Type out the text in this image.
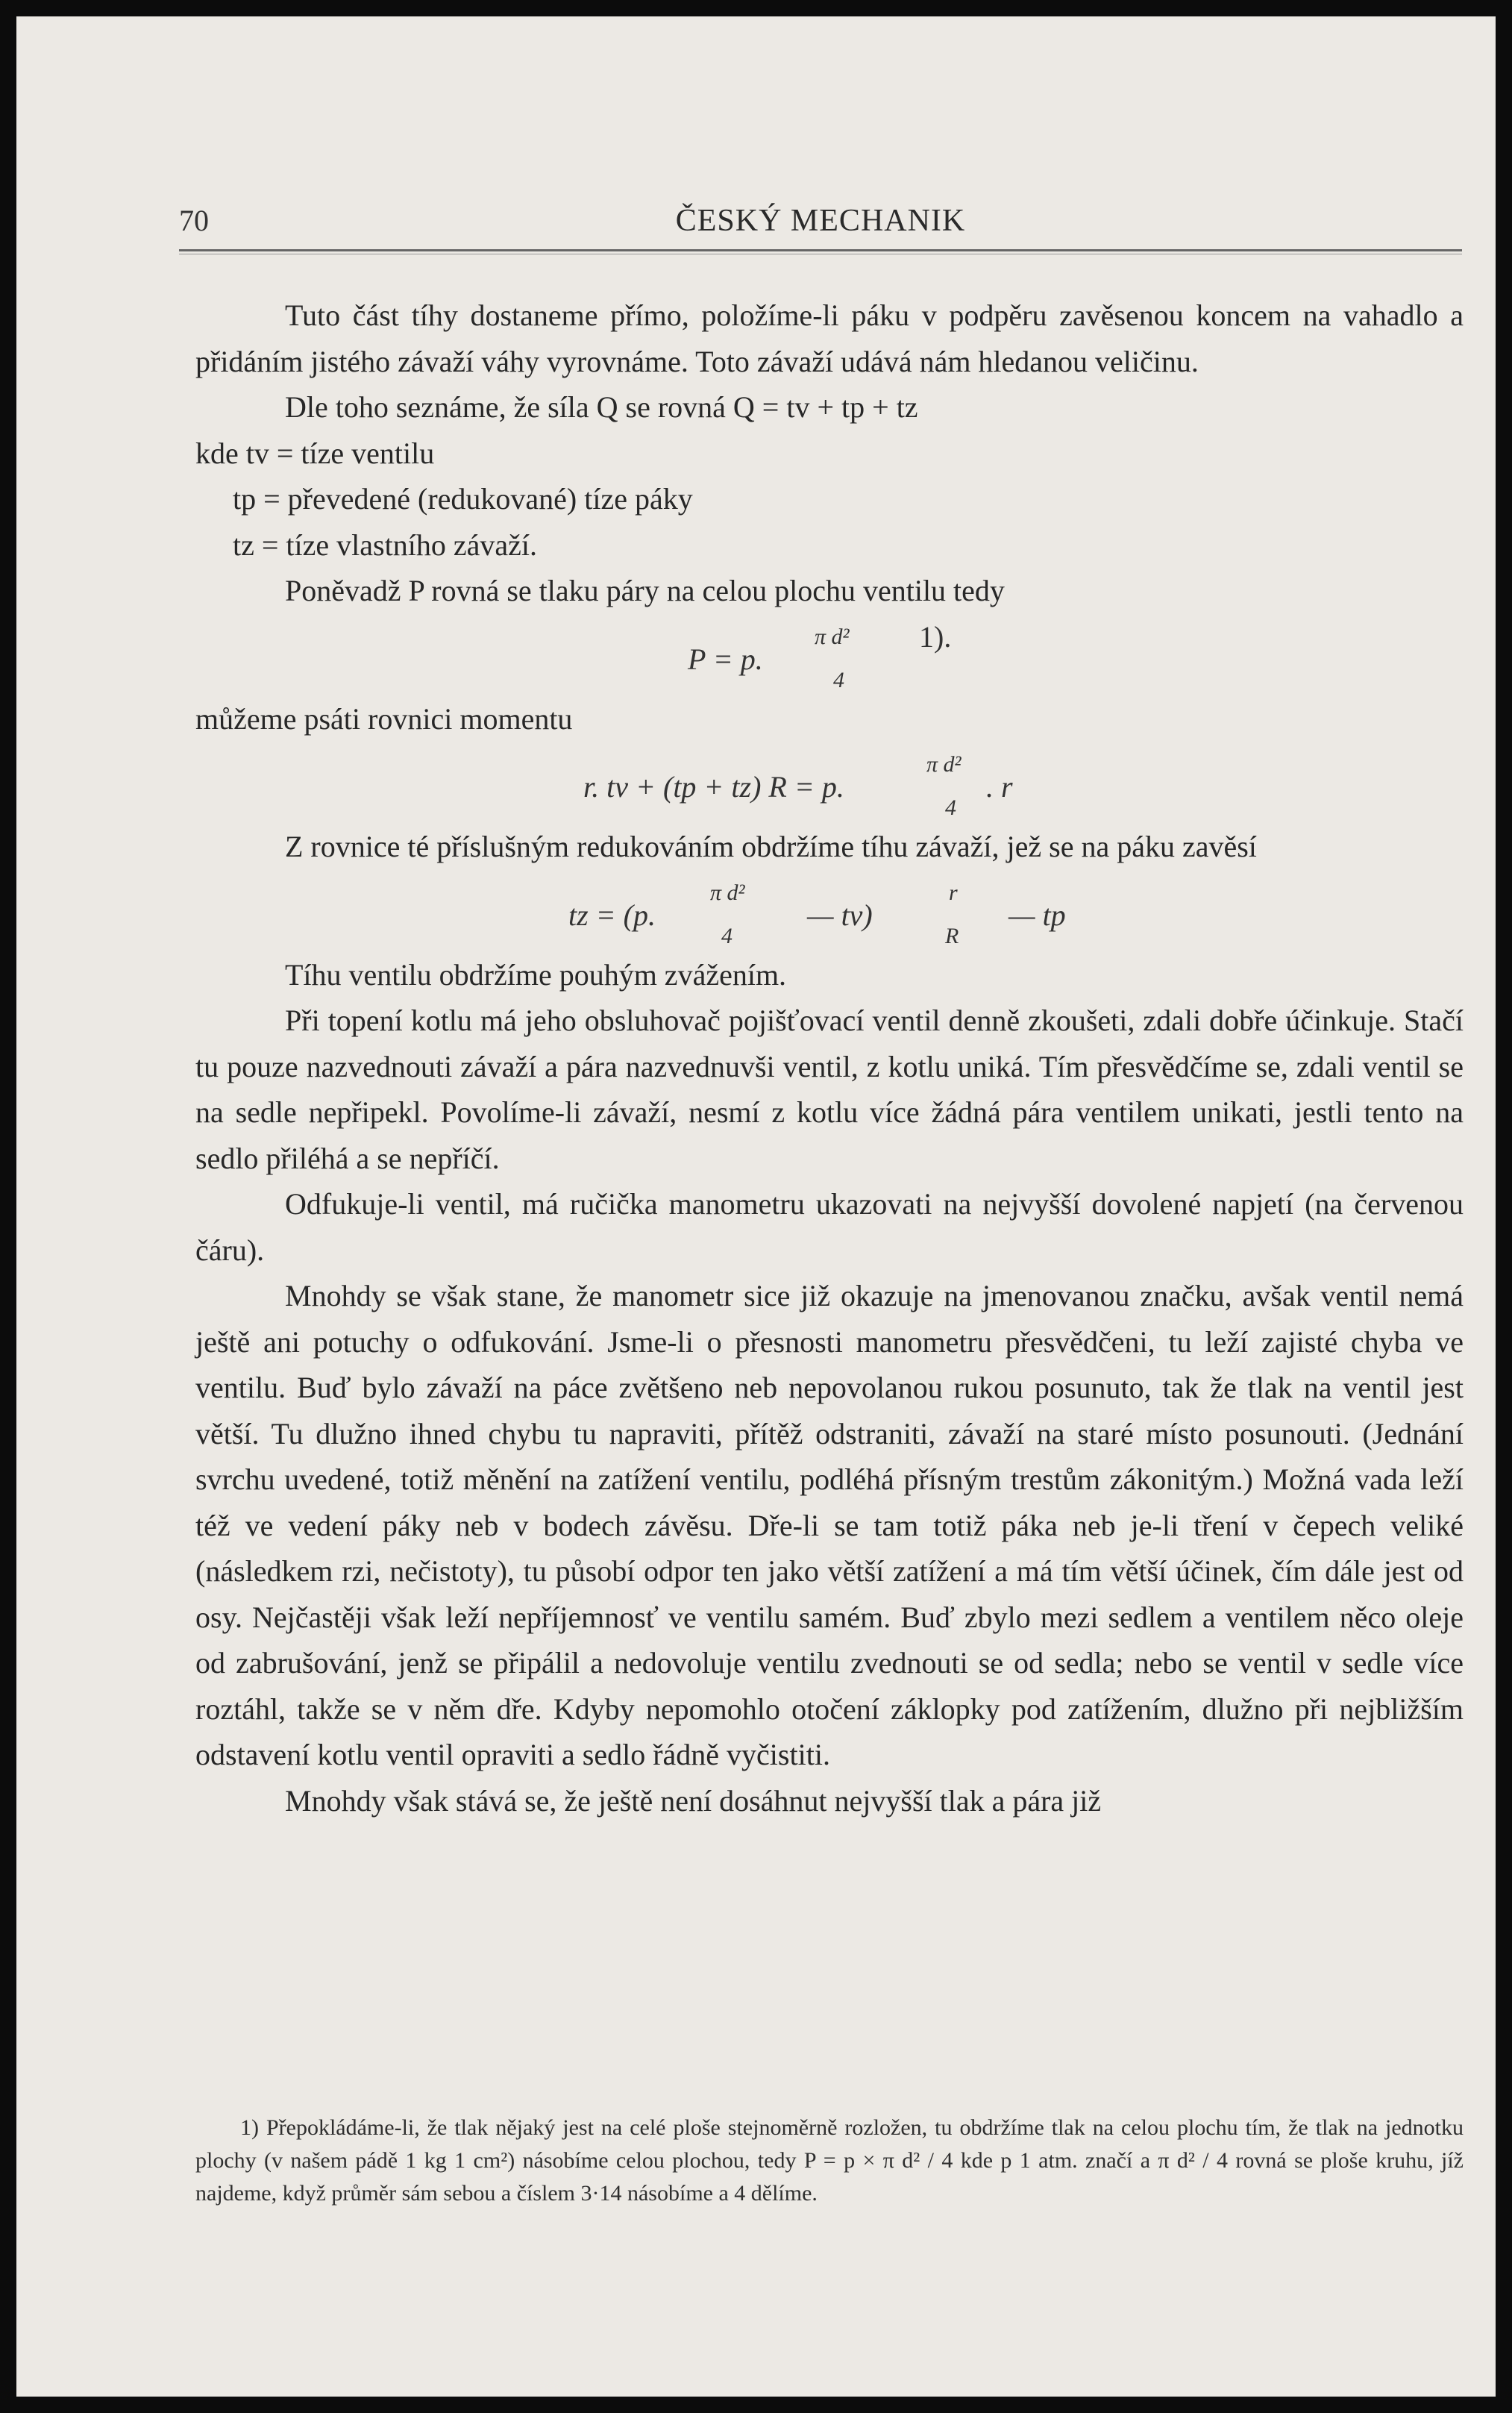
70	ČESKÝ MECHANIK

Tuto část tíhy dostaneme přímo, položíme-li páku v podpěru zavěsenou koncem na vahadlo a přidáním jistého závaží váhy vyrovnáme. Toto závaží udává nám hledanou veličinu.

Dle toho seznáme, že síla Q se rovná Q = tv + tp + tz

kde tv = tíze ventilu

tp = převedené (redukované) tíze páky

tz = tíze vlastního závaží.

Poněvadž P rovná se tlaku páry na celou plochu ventilu tedy

P = p.
π d²
4
1).

můžeme psáti rovnici momentu

r. tv + (tp + tz) R = p.
π d²
4
. r

Z rovnice té příslušným redukováním obdržíme tíhu závaží, jež se na páku zavěsí

tz = (p.
π d²
4
— tv)
r
R
— tp

Tíhu ventilu obdržíme pouhým zvážením.

Při topení kotlu má jeho obsluhovač pojišťovací ventil denně zkoušeti, zdali dobře účinkuje. Stačí tu pouze nazvednouti závaží a pára nazvednuvši ventil, z kotlu uniká. Tím přesvědčíme se, zdali ventil se na sedle nepřipekl. Povolíme-li závaží, nesmí z kotlu více žádná pára ventilem unikati, jestli tento na sedlo přiléhá a se nepříčí.

Odfukuje-li ventil, má ručička manometru ukazovati na nejvyšší dovolené napjetí (na červenou čáru).

Mnohdy se však stane, že manometr sice již okazuje na jmenovanou značku, avšak ventil nemá ještě ani potuchy o odfukování. Jsme-li o přesnosti manometru přesvědčeni, tu leží zajisté chyba ve ventilu. Buď bylo závaží na páce zvětšeno neb nepovolanou rukou posunuto, tak že tlak na ventil jest větší. Tu dlužno ihned chybu tu napraviti, přítěž odstraniti, závaží na staré místo posunouti. (Jednání svrchu uvedené, totiž měnění na zatížení ventilu, podléhá přísným trestům zákonitým.) Možná vada leží též ve vedení páky neb v bodech závěsu. Dře-li se tam totiž páka neb je-li tření v čepech veliké (následkem rzi, nečistoty), tu působí odpor ten jako větší zatížení a má tím větší účinek, čím dále jest od osy. Nejčastěji však leží nepříjemnosť ve ventilu samém. Buď zbylo mezi sedlem a ventilem něco oleje od zabrušování, jenž se připálil a nedovoluje ventilu zvednouti se od sedla; nebo se ventil v sedle více roztáhl, takže se v něm dře. Kdyby nepomohlo otočení záklopky pod zatížením, dlužno při nejbližším odstavení kotlu ventil opraviti a sedlo řádně vyčistiti.

Mnohdy však stává se, že ještě není dosáhnut nejvyšší tlak a pára již

1) Přepokládáme-li, že tlak nějaký jest na celé ploše stejnoměrně rozložen, tu obdržíme tlak na celou plochu tím, že tlak na jednotku plochy (v našem pádě 1 kg 1 cm²) násobíme celou plochou, tedy P = p × π d² / 4 kde p 1 atm. značí a π d² / 4 rovná se ploše kruhu, jíž najdeme, když průměr sám sebou a číslem 3·14 násobíme a 4 dělíme.
